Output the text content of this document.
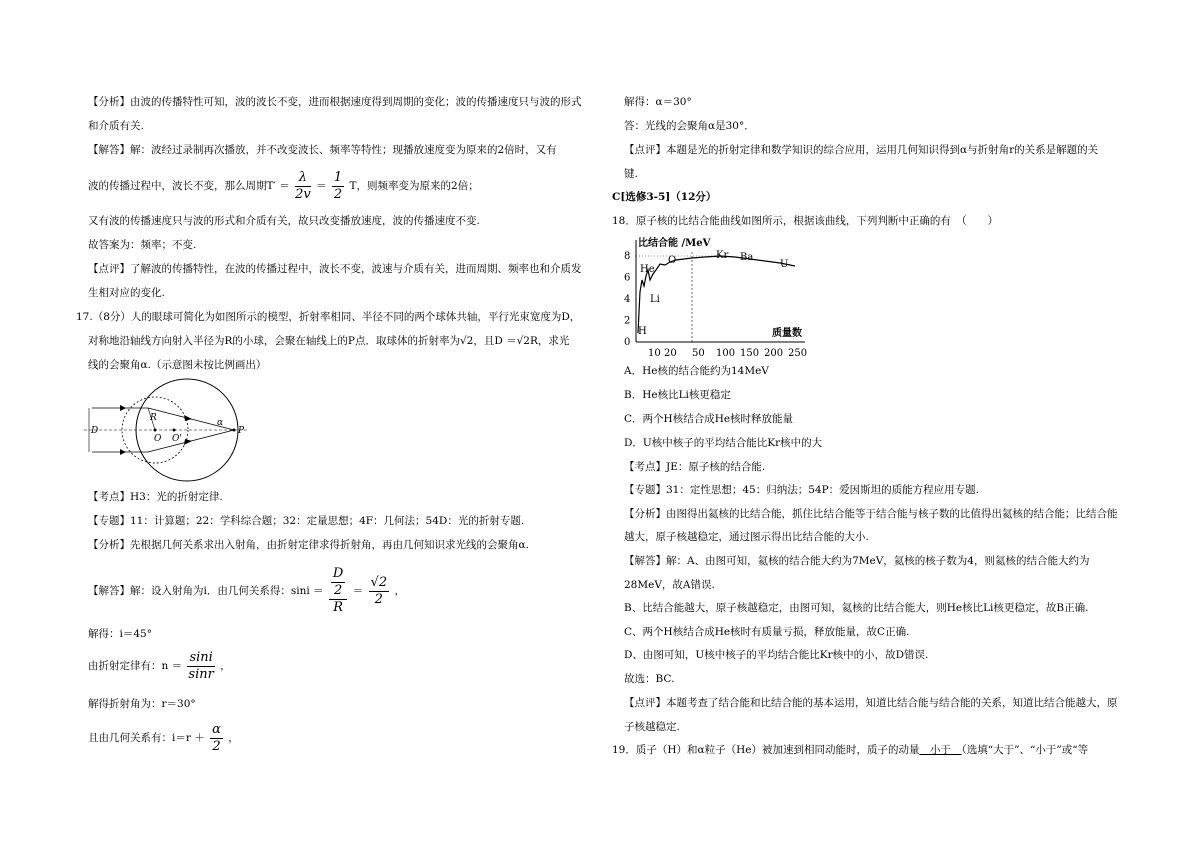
【分析】由波的传播特性可知，波的波长不变，进而根据速度得到周期的变化；波的传播速度只与波的形式
和介质有关.
【解答】解：波经过录制再次播放，并不改变波长、频率等特性；现播放速度变为原来的2倍时，又有
波的传播过程中，波长不变，那么周期$T' = \frac{\lambda}{2v} = \frac{1}{2}$ T，则频率变为原来的2倍；
又有波的传播速度只与波的形式和介质有关，故只改变播放速度，波的传播速度不变.
故答案为：频率；不变.
【点评】了解波的传播特性，在波的传播过程中，波长不变，波速与介质有关，进而周期、频率也和介质发
生相对应的变化.
17.（8分）人的眼球可简化为如图所示的模型，折射率相同、半径不同的两个球体共轴，平行光束宽度为D，
对称地沿轴线方向射入半径为R的小球，会聚在轴线上的P点．取球体的折射率为√2，且D ＝√2R，求光
线的会聚角α.（示意图未按比例画出）
R
D
O O'
α
P
【考点】H3：光的折射定律.
【专题】11：计算题；22：学科综合题；32：定量思想；4F：几何法；54D：光的折射专题.
【分析】先根据几何关系求出入射角，由折射定律求得折射角，再由几何知识求光线的会聚角α.
【解答】解：设入射角为i．由几何关系得：$\sin i = \frac{\frac{D}{2}}{R} = \frac{√2}{2}$ ，
解得：i＝45°
由折射定律有：$n = \frac{\sin i}{\sin r}$ ，
解得折射角为：r＝30°
且由几何关系有：$i=r + \frac{\alpha}{2}$ ，
解得：α＝30°
答：光线的会聚角α是30°．
【点评】本题是光的折射定律和数学知识的综合应用，运用几何知识得到α与折射角r的关系是解题的关
键.
C[选修3-5]（12分）
18．原子核的比结合能曲线如图所示，根据该曲线，下列判断中正确的有　（　　）
比结合能 /MeV
质量数
0
2
4
6
8
10 20 50 100 150 200 250
H
Li
He
O	Kr Ba
U
A．He核的结合能约为14MeV
B．He核比Li核更稳定
C．两个H核结合成He核时释放能量
D．U核中核子的平均结合能比Kr核中的大
【考点】JE：原子核的结合能.
【专题】31：定性思想；45：归纳法；54P：爱因斯坦的质能方程应用专题.
【分析】由图得出氦核的比结合能，抓住比结合能等于结合能与核子数的比值得出氦核的结合能；比结合能
越大，原子核越稳定，通过图示得出比结合能的大小.
【解答】解：A、由图可知，氦核的结合能大约为7MeV，氦核的核子数为4，则氦核的结合能大约为
28MeV，故A错误.
B、比结合能越大，原子核越稳定，由图可知，氦核的比结合能大，则He核比Li核更稳定，故B正确.
C、两个H核结合成He核时有质量亏损，释放能量，故C正确.
D、由图可知，U核中核子的平均结合能比Kr核中的小，故D错误.
故选：BC.
【点评】本题考查了结合能和比结合能的基本运用，知道比结合能与结合能的关系，知道比结合能越大，原
子核越稳定.
19．质子（H）和α粒子（He）被加速到相同动能时，质子的动量　小于　（选填“大于”、“小于”或“等
